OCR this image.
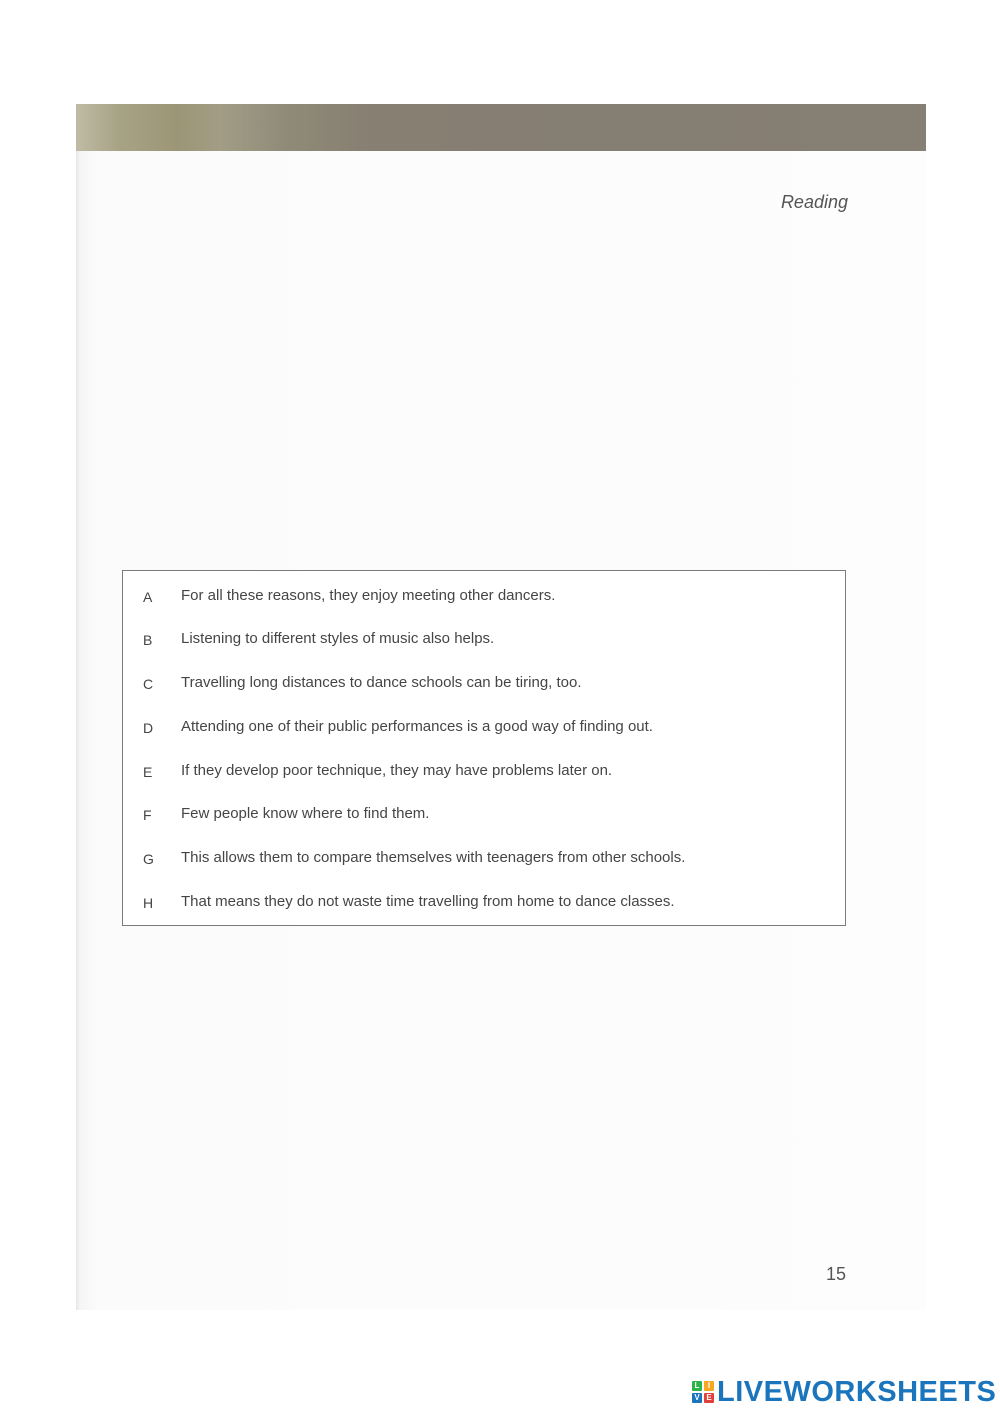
Reading
A For all these reasons, they enjoy meeting other dancers.
B Listening to different styles of music also helps.
C Travelling long distances to dance schools can be tiring, too.
D Attending one of their public performances is a good way of finding out.
E If they develop poor technique, they may have problems later on.
F Few people know where to find them.
G This allows them to compare themselves with teenagers from other schools.
H That means they do not waste time travelling from home to dance classes.
15
L	I
V E LIVEWORKSHEETS
